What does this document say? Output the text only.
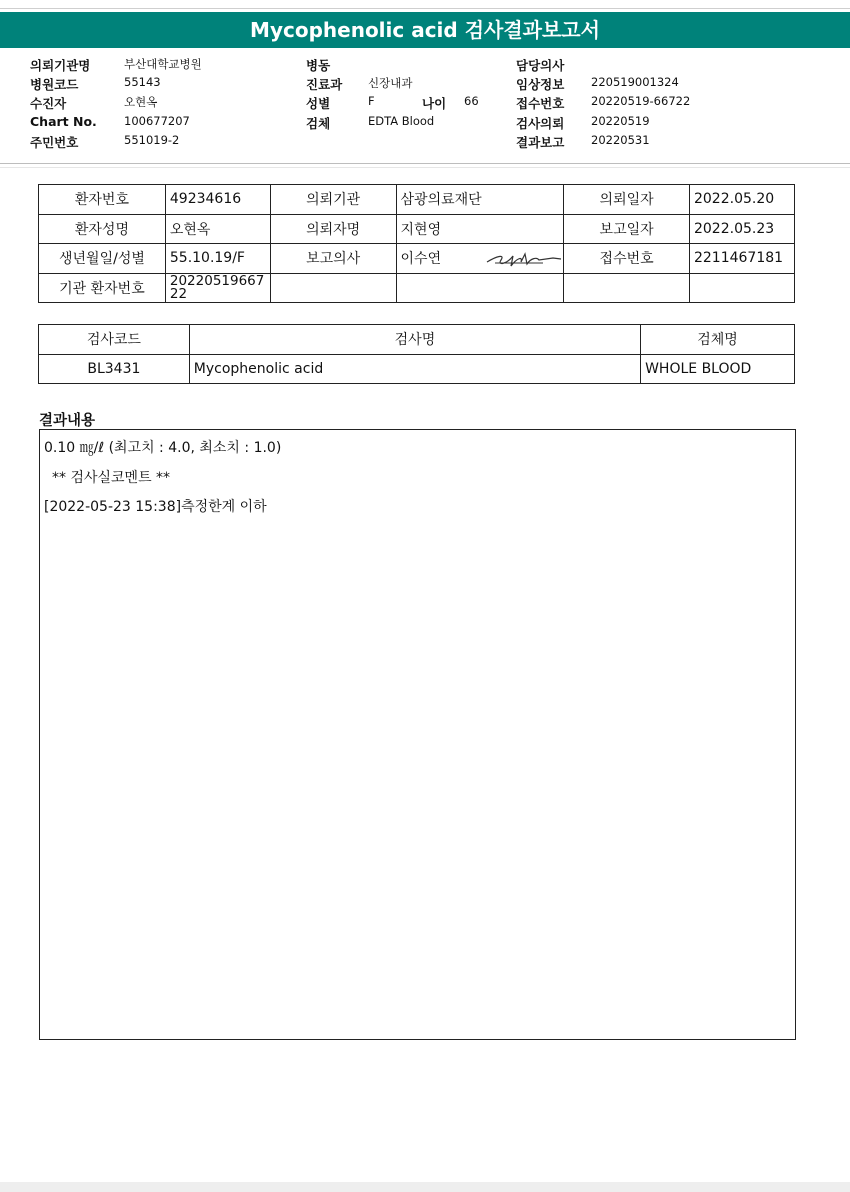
Mycophenolic acid 검사결과보고서
의뢰기관명	부산대학교병원
병원코드	55143
수진자	오현옥
Chart No. 100677207
주민번호	551019-2
병동
진료과 신장내과
성별	F	나이 66
검체	EDTA Blood
담당의사
임상정보 220519001324
접수번호 20220519-66722
검사의뢰 20220519
결과보고 20220531
환자번호	49234616	의뢰기관	삼광의료재단	의뢰일자	2022.05.20
환자성명	오현옥	의뢰자명	지현영	보고일자	2022.05.23
생년월일/성별	55.10.19/F	보고의사	이수연	접수번호	2211467181
기관 환자번호	2022051966722				
검사코드	검사명	검체명
BL3431	Mycophenolic acid	WHOLE BLOOD
결과내용
0.10 ㎎/ℓ (최고치 : 4.0, 최소치 : 1.0)
** 검사실코멘트 **
[2022-05-23 15:38]측정한계 이하
